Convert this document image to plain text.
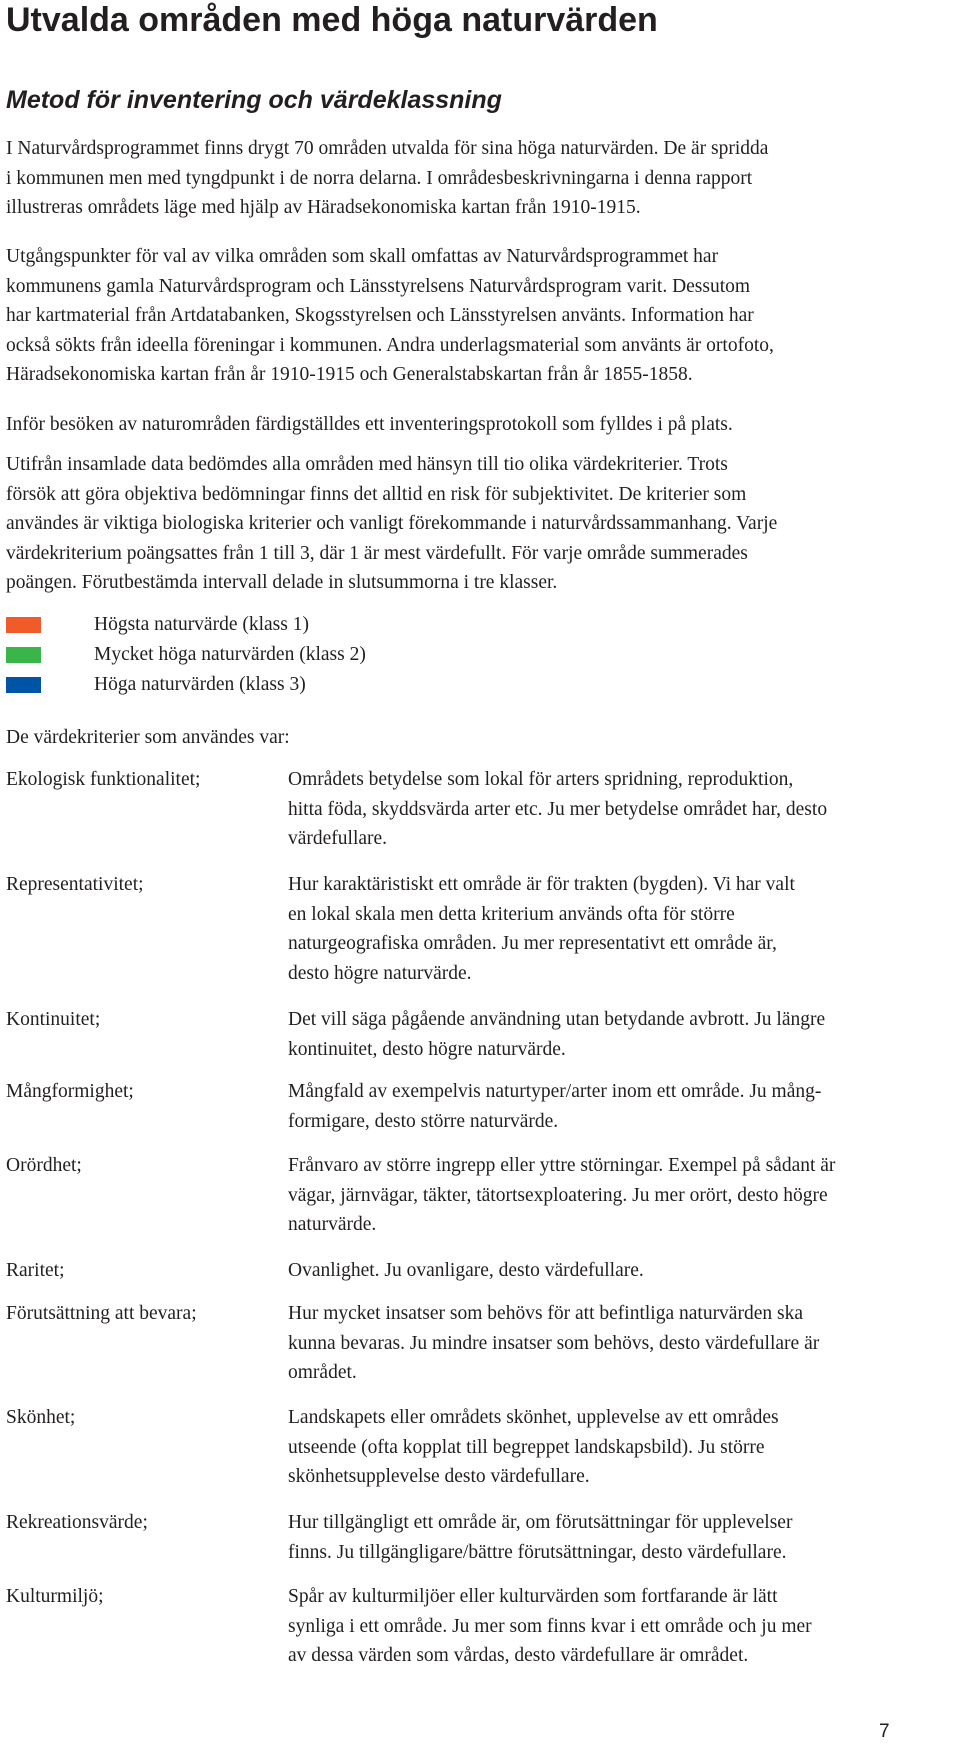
Utvalda områden med höga naturvärden
Metod för inventering och värdeklassning
I Naturvårdsprogrammet finns drygt 70 områden utvalda för sina höga naturvärden. De är spridda
i kommunen men med tyngdpunkt i de norra delarna. I områdesbeskrivningarna i denna rapport
illustreras områdets läge med hjälp av Häradsekonomiska kartan från 1910-1915.
Utgångspunkter för val av vilka områden som skall omfattas av Naturvårdsprogrammet har
kommunens gamla Naturvårdsprogram och Länsstyrelsens Naturvårdsprogram varit. Dessutom
har kartmaterial från Artdatabanken, Skogsstyrelsen och Länsstyrelsen använts. Information har
också sökts från ideella föreningar i kommunen. Andra underlagsmaterial som använts är ortofoto,
Häradsekonomiska kartan från år 1910-1915 och Generalstabskartan från år 1855-1858.
Inför besöken av naturområden färdigställdes ett inventeringsprotokoll som fylldes i på plats.
Utifrån insamlade data bedömdes alla områden med hänsyn till tio olika värdekriterier. Trots
försök att göra objektiva bedömningar finns det alltid en risk för subjektivitet. De kriterier som
användes är viktiga biologiska kriterier och vanligt förekommande i naturvårdssammanhang. Varje
värdekriterium poängsattes från 1 till 3, där 1 är mest värdefullt. För varje område summerades
poängen. Förutbestämda intervall delade in slutsummorna i tre klasser.
Högsta naturvärde (klass 1)
Mycket höga naturvärden (klass 2)
Höga naturvärden (klass 3)
De värdekriterier som användes var:
Ekologisk funktionalitet;	Områdets betydelse som lokal för arters spridning, reproduktion,
hitta föda, skyddsvärda arter etc. Ju mer betydelse området har, desto
värdefullare.
Representativitet;	Hur karaktäristiskt ett område är för trakten (bygden). Vi har valt
en lokal skala men detta kriterium används ofta för större
naturgeografiska områden. Ju mer representativt ett område är,
desto högre naturvärde.
Kontinuitet;	Det vill säga pågående användning utan betydande avbrott. Ju längre
kontinuitet, desto högre naturvärde.
Mångformighet;	Mångfald av exempelvis naturtyper/arter inom ett område. Ju mång-
formigare, desto större naturvärde.
Orördhet;	Frånvaro av större ingrepp eller yttre störningar. Exempel på sådant är
vägar, järnvägar, täkter, tätortsexploatering. Ju mer orört, desto högre
naturvärde.
Raritet;	Ovanlighet. Ju ovanligare, desto värdefullare.
Förutsättning att bevara;	Hur mycket insatser som behövs för att befintliga naturvärden ska
kunna bevaras. Ju mindre insatser som behövs, desto värdefullare är
området.
Skönhet;	Landskapets eller områdets skönhet, upplevelse av ett områdes
utseende (ofta kopplat till begreppet landskapsbild). Ju större
skönhetsupplevelse desto värdefullare.
Rekreationsvärde;	Hur tillgängligt ett område är, om förutsättningar för upplevelser
finns. Ju tillgängligare/bättre förutsättningar, desto värdefullare.
Kulturmiljö;	Spår av kulturmiljöer eller kulturvärden som fortfarande är lätt
synliga i ett område. Ju mer som finns kvar i ett område och ju mer
av dessa värden som vårdas, desto värdefullare är området.
7
